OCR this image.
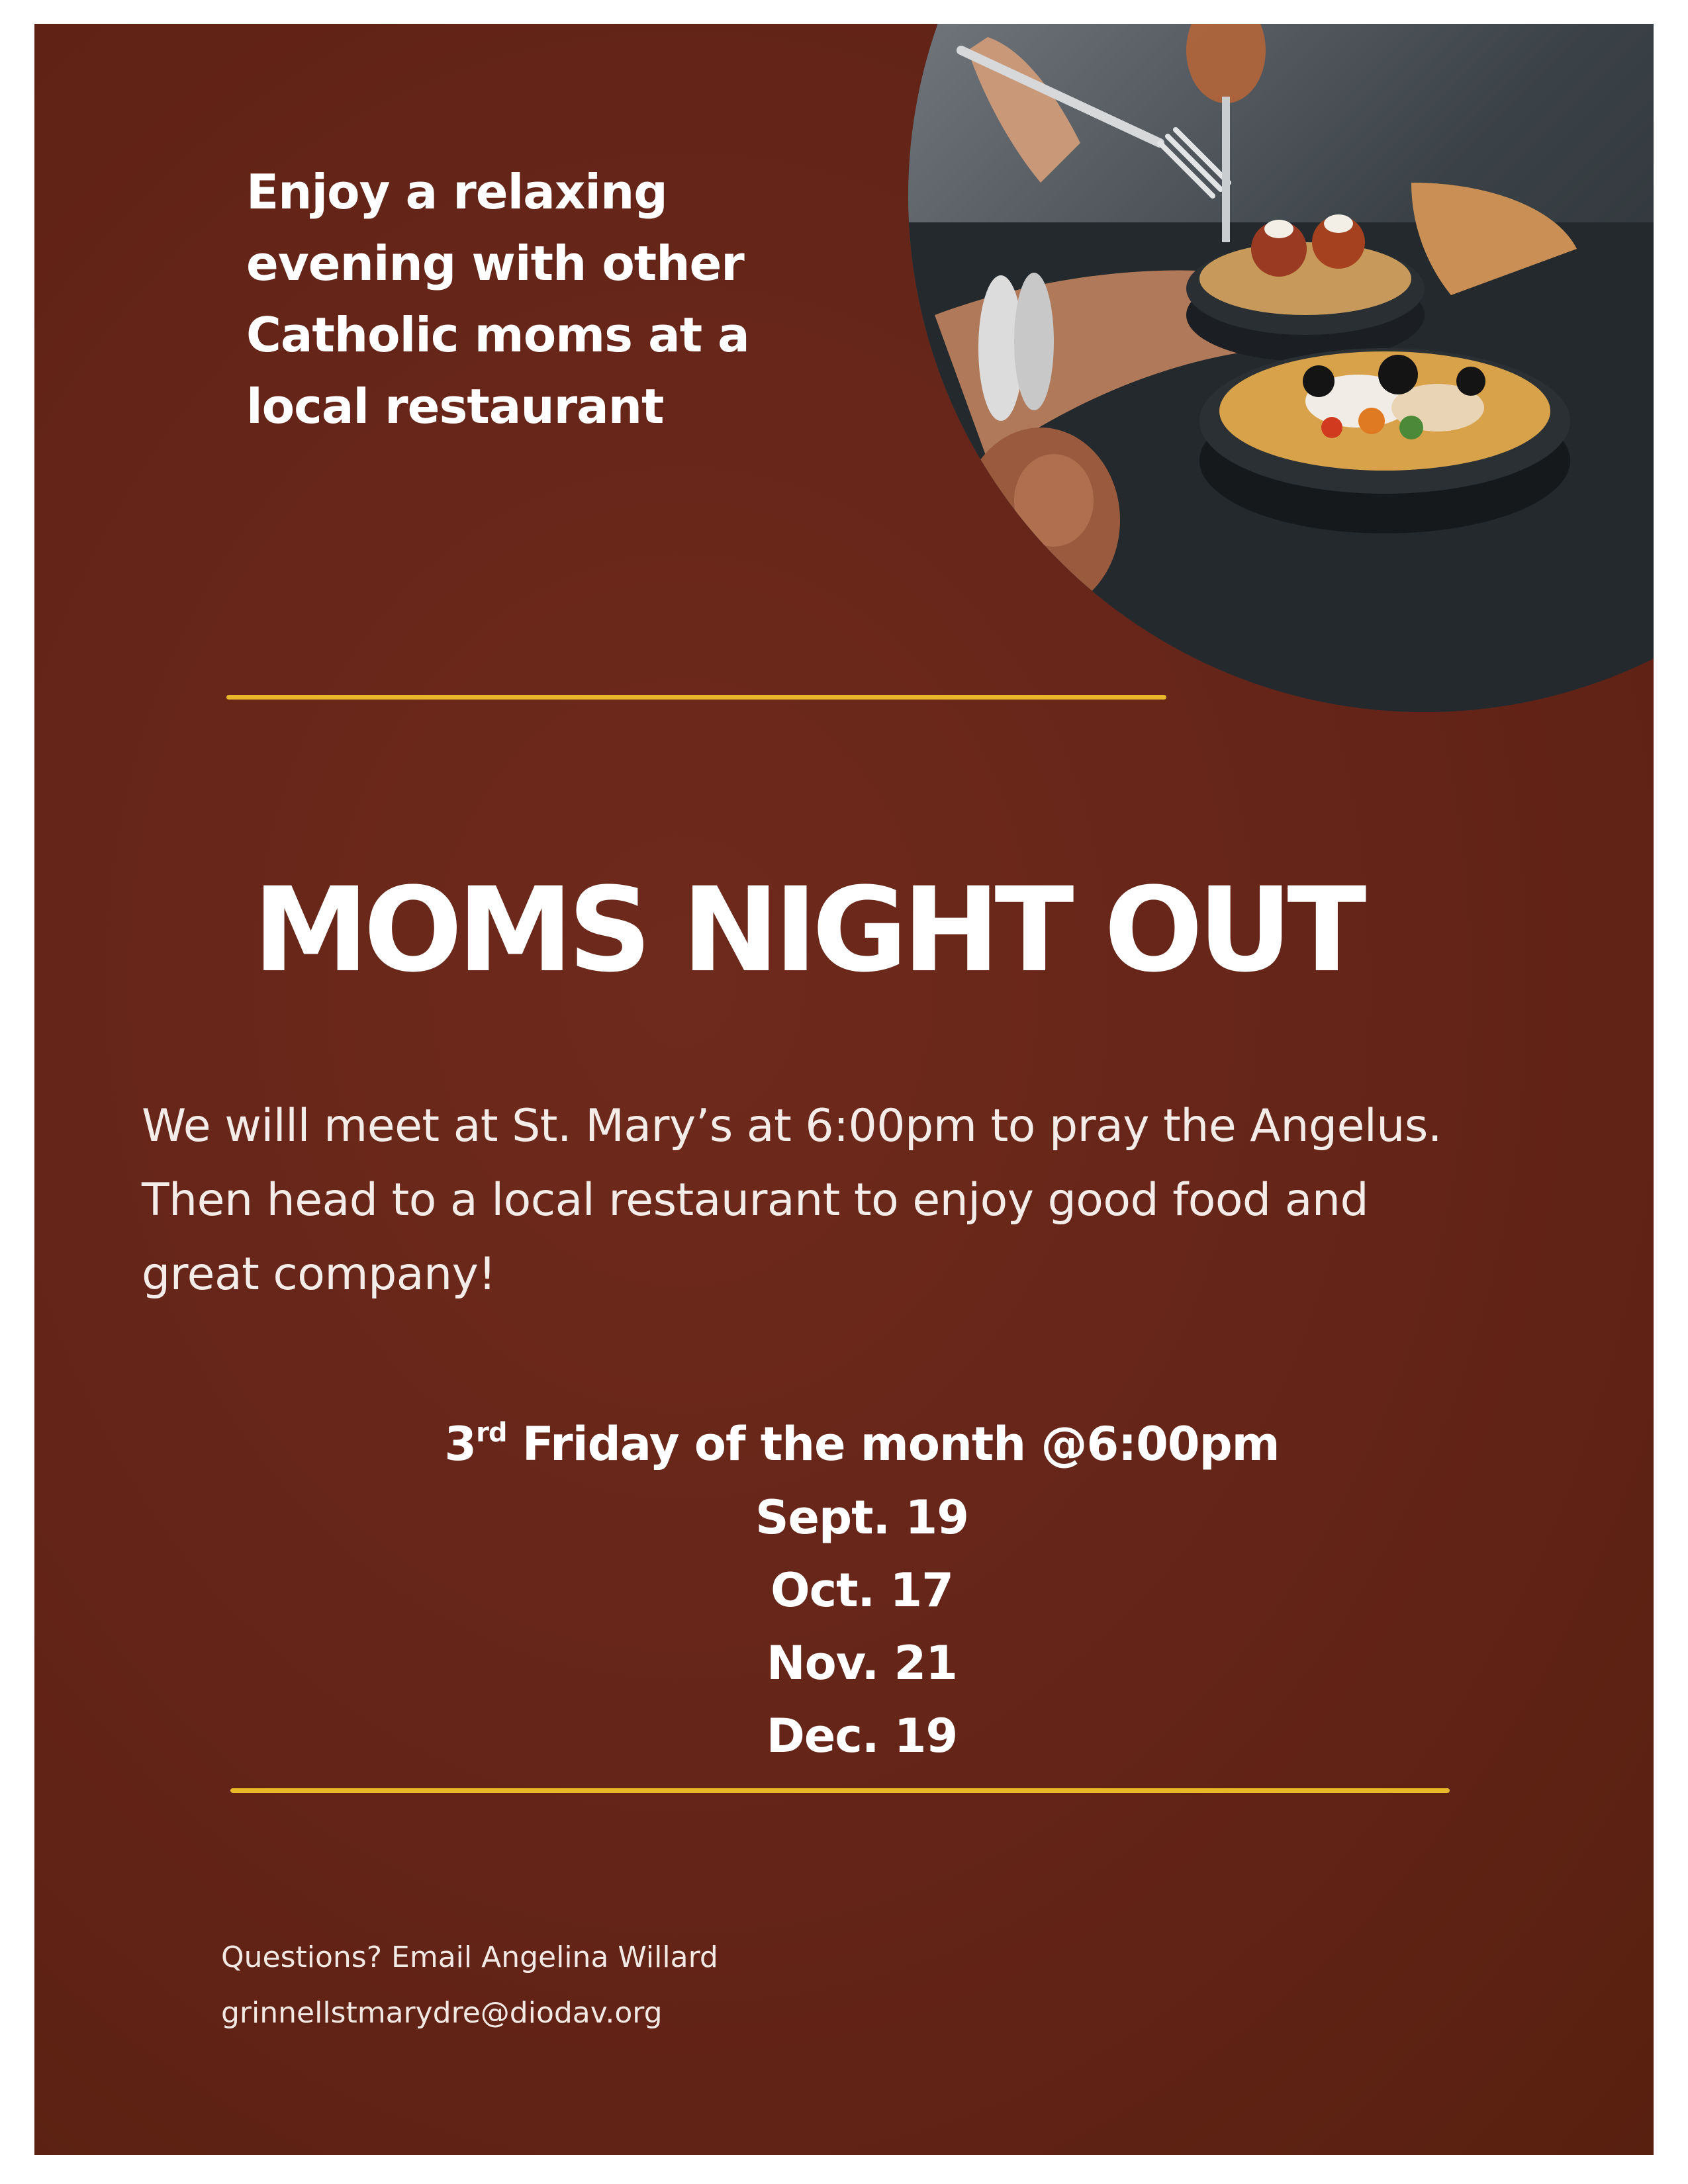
Enjoy a relaxing
evening with other
Catholic moms at a
local restaurant
MOMS NIGHT OUT
We willl meet at St. Mary’s at 6:00pm to pray the Angelus.
Then head to a local restaurant to enjoy good food and
great company!
3rd Friday of the month @6:00pm
Sept. 19
Oct. 17
Nov. 21
Dec. 19
Questions? Email Angelina Willard
grinnellstmarydre@diodav.org
